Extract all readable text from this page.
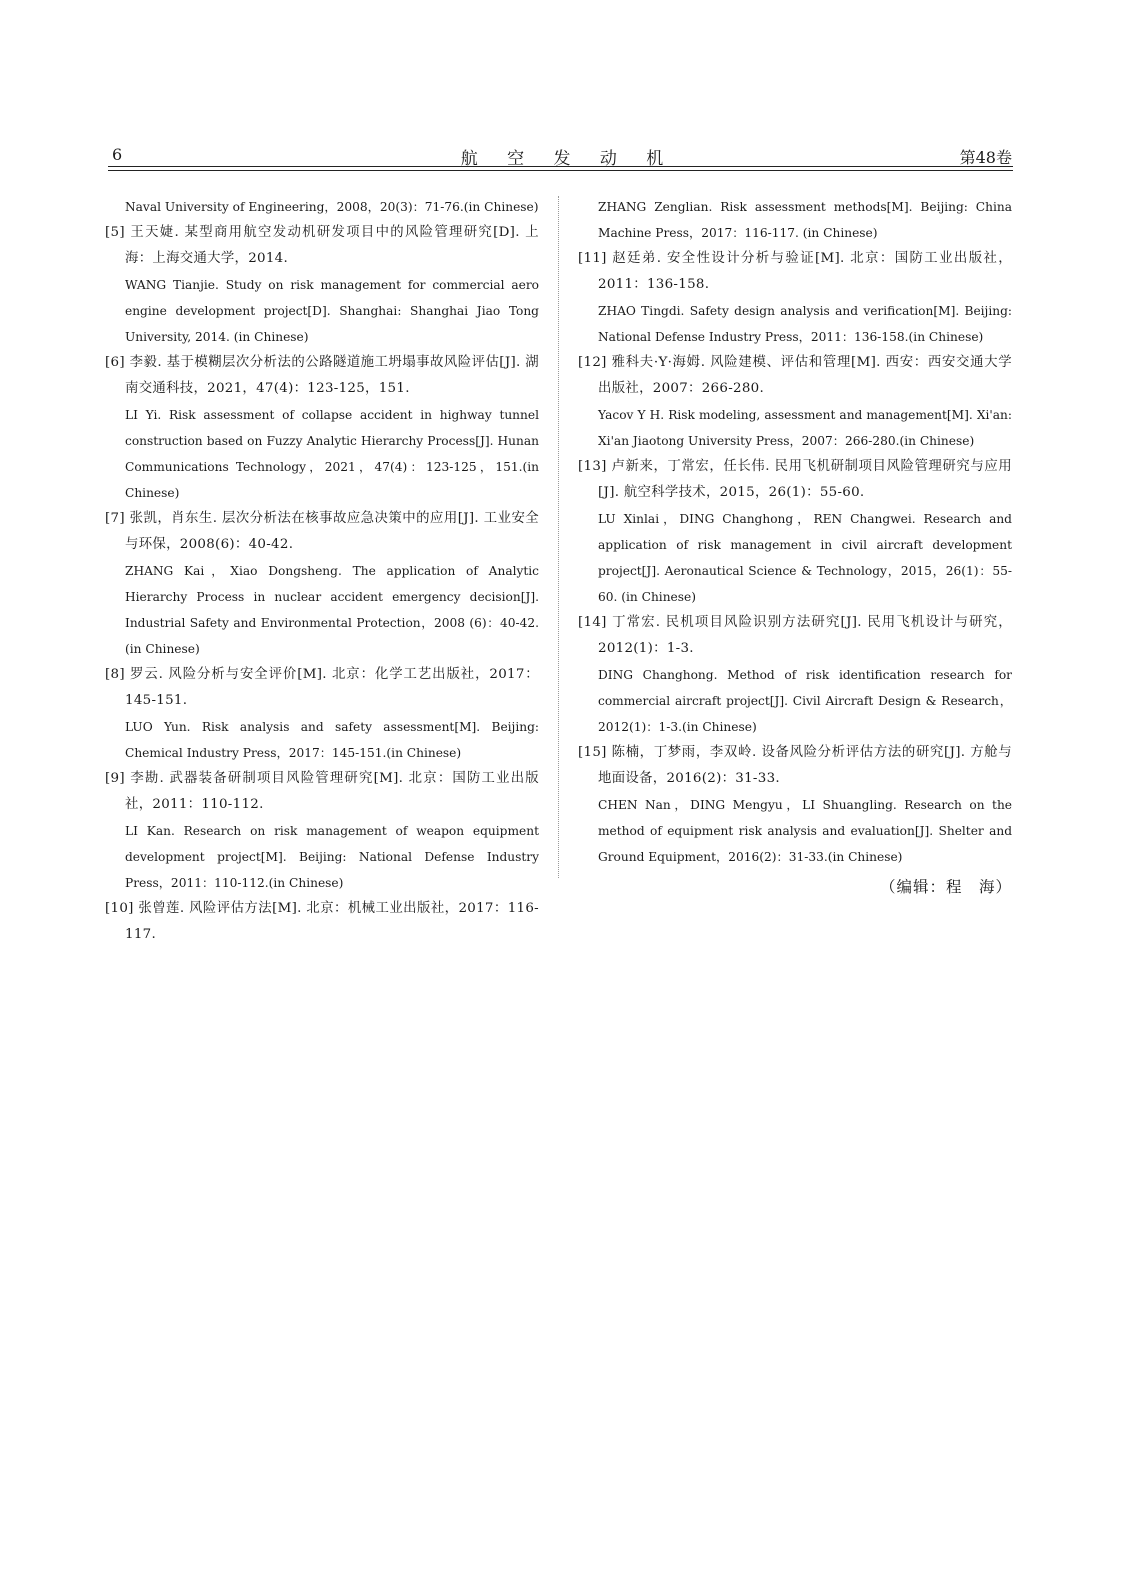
6	航 空 发 动 机	第48卷
Naval University of Engineering，2008，20(3)：71-76.(in Chinese)
[5] 王天婕. 某型商用航空发动机研发项目中的风险管理研究[D]. 上海：上海交通大学，2014.
WANG Tianjie. Study on risk management for commercial aero engine development project[D]. Shanghai: Shanghai Jiao Tong University, 2014. (in Chinese)
[6] 李毅. 基于模糊层次分析法的公路隧道施工坍塌事故风险评估[J]. 湖南交通科技，2021，47(4)：123-125，151.
LI Yi. Risk assessment of collapse accident in highway tunnel construction based on Fuzzy Analytic Hierarchy Process[J]. Hunan Communications Technology，2021，47(4)：123-125，151.(in Chinese)
[7] 张凯，肖东生. 层次分析法在核事故应急决策中的应用[J]. 工业安全与环保，2008(6)：40-42.
ZHANG Kai，Xiao Dongsheng. The application of Analytic Hierarchy Process in nuclear accident emergency decision[J]. Industrial Safety and Environmental Protection，2008 (6)：40-42.(in Chinese)
[8] 罗云. 风险分析与安全评价[M]. 北京：化学工艺出版社，2017：145-151.
LUO Yun. Risk analysis and safety assessment[M]. Beijing: Chemical Industry Press，2017：145-151.(in Chinese)
[9] 李勘. 武器装备研制项目风险管理研究[M]. 北京：国防工业出版社，2011：110-112.
LI Kan. Research on risk management of weapon equipment development project[M]. Beijing: National Defense Industry Press，2011：110-112.(in Chinese)
[10] 张曾莲. 风险评估方法[M]. 北京：机械工业出版社，2017：116-117.
ZHANG Zenglian. Risk assessment methods[M]. Beijing: China Machine Press，2017：116-117. (in Chinese)
[11] 赵廷弟. 安全性设计分析与验证[M]. 北京：国防工业出版社，2011：136-158.
ZHAO Tingdi. Safety design analysis and verification[M]. Beijing: National Defense Industry Press，2011：136-158.(in Chinese)
[12] 雅科夫·Y·海姆. 风险建模、评估和管理[M]. 西安：西安交通大学出版社，2007：266-280.
Yacov Y H. Risk modeling, assessment and management[M]. Xi'an: Xi'an Jiaotong University Press，2007：266-280.(in Chinese)
[13] 卢新来，丁常宏，任长伟. 民用飞机研制项目风险管理研究与应用[J]. 航空科学技术，2015，26(1)：55-60.
LU Xinlai，DING Changhong，REN Changwei. Research and application of risk management in civil aircraft development project[J]. Aeronautical Science & Technology，2015，26(1)：55-60. (in Chinese)
[14] 丁常宏. 民机项目风险识别方法研究[J]. 民用飞机设计与研究，2012(1)：1-3.
DING Changhong. Method of risk identification research for commercial aircraft project[J]. Civil Aircraft Design & Research，2012(1)：1-3.(in Chinese)
[15] 陈楠，丁梦雨，李双岭. 设备风险分析评估方法的研究[J]. 方舱与地面设备，2016(2)：31-33.
CHEN Nan，DING Mengyu，LI Shuangling. Research on the method of equipment risk analysis and evaluation[J]. Shelter and Ground Equipment，2016(2)：31-33.(in Chinese)
（编辑：程　海）
